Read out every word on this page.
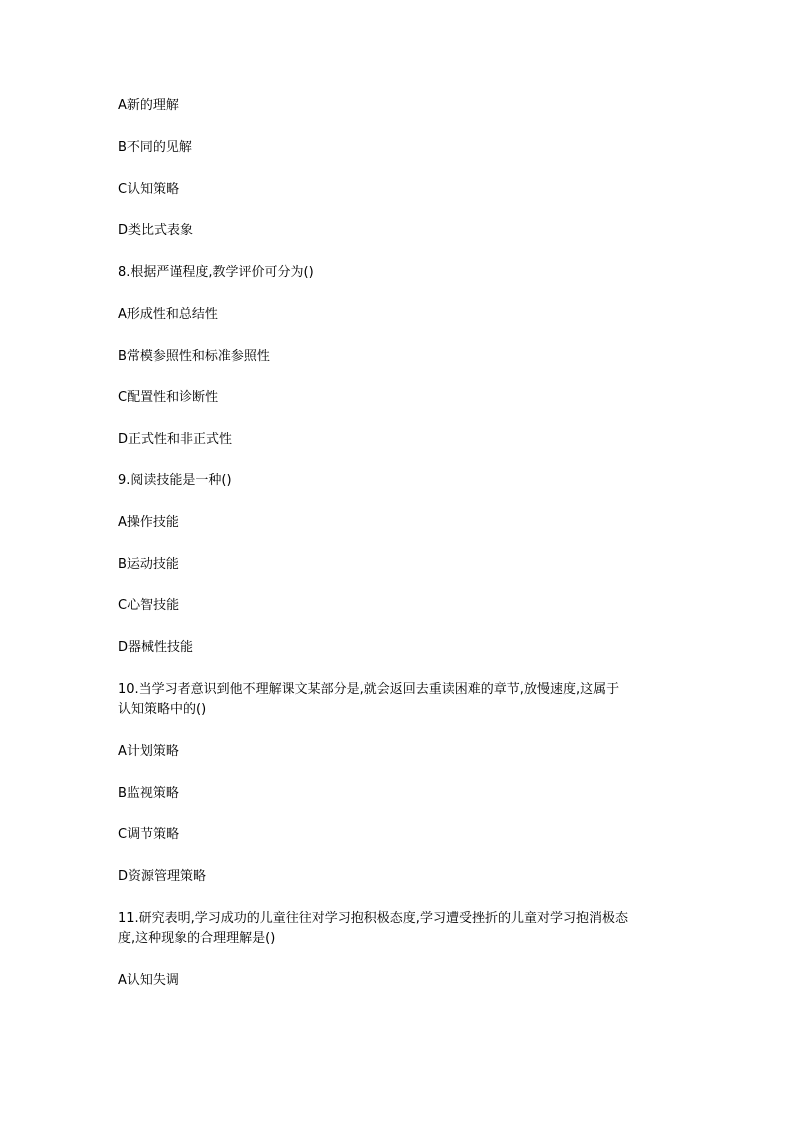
A新的理解
B不同的见解
C认知策略
D类比式表象
8.根据严谨程度,教学评价可分为()
A形成性和总结性
B常模参照性和标准参照性
C配置性和诊断性
D正式性和非正式性
9.阅读技能是一种()
A操作技能
B运动技能
C心智技能
D器械性技能
10.当学习者意识到他不理解课文某部分是,就会返回去重读困难的章节,放慢速度,这属于
认知策略中的()
A计划策略
B监视策略
C调节策略
D资源管理策略
11.研究表明,学习成功的儿童往往对学习抱积极态度,学习遭受挫折的儿童对学习抱消极态
度,这种现象的合理理解是()
A认知失调
